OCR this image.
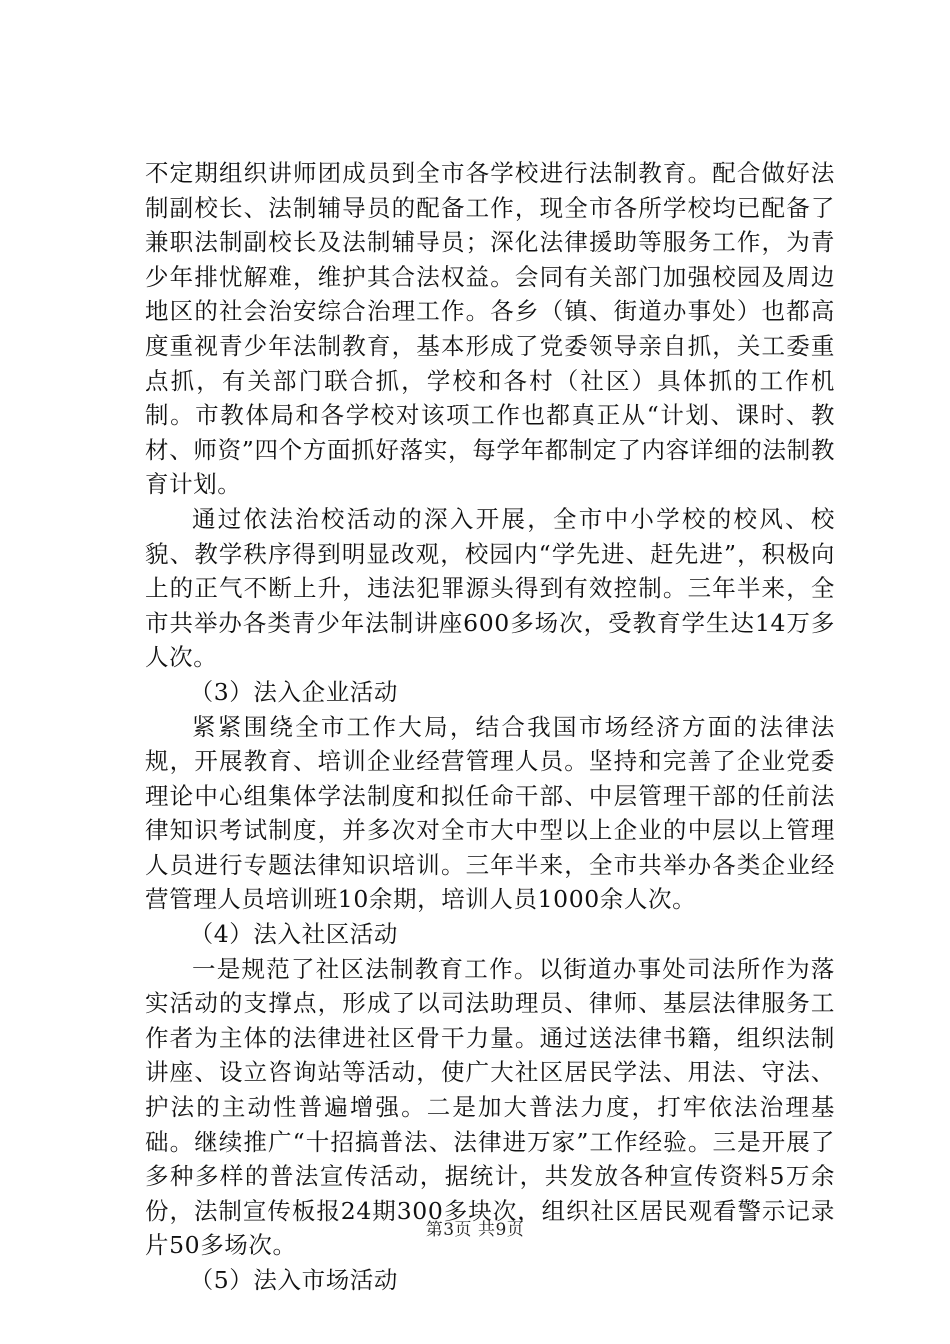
不定期组织讲师团成员到全市各学校进行法制教育。配合做好法制副校长、法制辅导员的配备工作，现全市各所学校均已配备了兼职法制副校长及法制辅导员；深化法律援助等服务工作，为青少年排忧解难，维护其合法权益。会同有关部门加强校园及周边地区的社会治安综合治理工作。各乡（镇、街道办事处）也都高度重视青少年法制教育，基本形成了党委领导亲自抓，关工委重点抓，有关部门联合抓，学校和各村（社区）具体抓的工作机制。市教体局和各学校对该项工作也都真正从“计划、课时、教材、师资”四个方面抓好落实，每学年都制定了内容详细的法制教育计划。

通过依法治校活动的深入开展，全市中小学校的校风、校貌、教学秩序得到明显改观，校园内“学先进、赶先进”，积极向上的正气不断上升，违法犯罪源头得到有效控制。三年半来，全市共举办各类青少年法制讲座600多场次，受教育学生达14万多人次。

（3）法入企业活动

紧紧围绕全市工作大局，结合我国市场经济方面的法律法规，开展教育、培训企业经营管理人员。坚持和完善了企业党委理论中心组集体学法制度和拟任命干部、中层管理干部的任前法律知识考试制度，并多次对全市大中型以上企业的中层以上管理人员进行专题法律知识培训。三年半来，全市共举办各类企业经营管理人员培训班10余期，培训人员1000余人次。

（4）法入社区活动

一是规范了社区法制教育工作。以街道办事处司法所作为落实活动的支撑点，形成了以司法助理员、律师、基层法律服务工作者为主体的法律进社区骨干力量。通过送法律书籍，组织法制讲座、设立咨询站等活动，使广大社区居民学法、用法、守法、护法的主动性普遍增强。二是加大普法力度，打牢依法治理基础。继续推广“十招搞普法、法律进万家”工作经验。三是开展了多种多样的普法宣传活动，据统计，共发放各种宣传资料5万余份，法制宣传板报24期300多块次，组织社区居民观看警示记录片50多场次。

（5）法入市场活动

第3页 共9页
